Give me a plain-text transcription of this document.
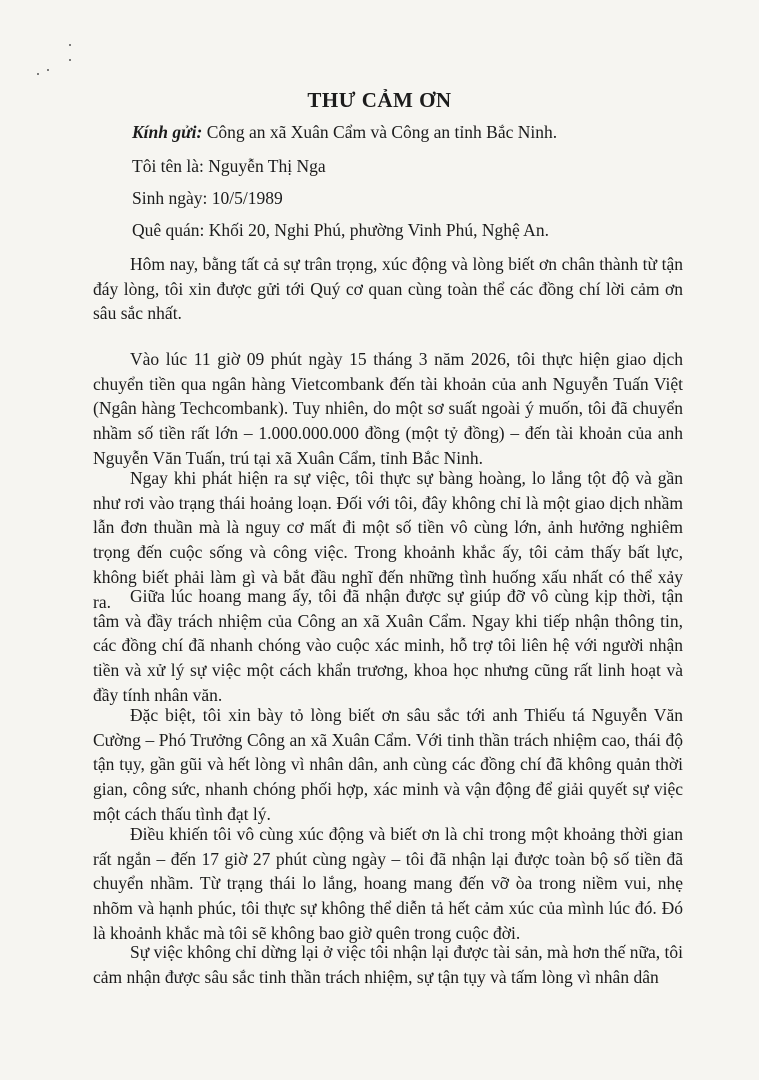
THƯ CẢM ƠN
Kính gửi: Công an xã Xuân Cẩm và Công an tỉnh Bắc Ninh.
Tôi tên là: Nguyễn Thị Nga
Sinh ngày: 10/5/1989
Quê quán: Khối 20, Nghi Phú, phường Vinh Phú, Nghệ An.

Hôm nay, bằng tất cả sự trân trọng, xúc động và lòng biết ơn chân thành từ tận đáy lòng, tôi xin được gửi tới Quý cơ quan cùng toàn thể các đồng chí lời cảm ơn sâu sắc nhất.

Vào lúc 11 giờ 09 phút ngày 15 tháng 3 năm 2026, tôi thực hiện giao dịch chuyển tiền qua ngân hàng Vietcombank đến tài khoản của anh Nguyễn Tuấn Việt (Ngân hàng Techcombank). Tuy nhiên, do một sơ suất ngoài ý muốn, tôi đã chuyển nhầm số tiền rất lớn – 1.000.000.000 đồng (một tỷ đồng) – đến tài khoản của anh Nguyễn Văn Tuấn, trú tại xã Xuân Cẩm, tỉnh Bắc Ninh.

Ngay khi phát hiện ra sự việc, tôi thực sự bàng hoàng, lo lắng tột độ và gần như rơi vào trạng thái hoảng loạn. Đối với tôi, đây không chỉ là một giao dịch nhầm lẫn đơn thuần mà là nguy cơ mất đi một số tiền vô cùng lớn, ảnh hưởng nghiêm trọng đến cuộc sống và công việc. Trong khoảnh khắc ấy, tôi cảm thấy bất lực, không biết phải làm gì và bắt đầu nghĩ đến những tình huống xấu nhất có thể xảy ra.	Giữa lúc hoang mang ấy, tôi đã nhận được sự giúp đỡ vô cùng kịp thời, tận tâm và đầy trách nhiệm của Công an xã Xuân Cẩm. Ngay khi tiếp nhận thông tin, các đồng chí đã nhanh chóng vào cuộc xác minh, hỗ trợ tôi liên hệ với người nhận tiền và xử lý sự việc một cách khẩn trương, khoa học nhưng cũng rất linh hoạt và đầy tính nhân văn.

Đặc biệt, tôi xin bày tỏ lòng biết ơn sâu sắc tới anh Thiếu tá Nguyễn Văn Cường – Phó Trưởng Công an xã Xuân Cẩm. Với tinh thần trách nhiệm cao, thái độ tận tụy, gần gũi và hết lòng vì nhân dân, anh cùng các đồng chí đã không quản thời gian, công sức, nhanh chóng phối hợp, xác minh và vận động để giải quyết sự việc một cách thấu tình đạt lý.

Điều khiến tôi vô cùng xúc động và biết ơn là chỉ trong một khoảng thời gian rất ngắn – đến 17 giờ 27 phút cùng ngày – tôi đã nhận lại được toàn bộ số tiền đã chuyển nhầm. Từ trạng thái lo lắng, hoang mang đến vỡ òa trong niềm vui, nhẹ nhõm và hạnh phúc, tôi thực sự không thể diễn tả hết cảm xúc của mình lúc đó. Đó là khoảnh khắc mà tôi sẽ không bao giờ quên trong cuộc đời.

Sự việc không chỉ dừng lại ở việc tôi nhận lại được tài sản, mà hơn thế nữa, tôi cảm nhận được sâu sắc tinh thần trách nhiệm, sự tận tụy và tấm lòng vì nhân dân
